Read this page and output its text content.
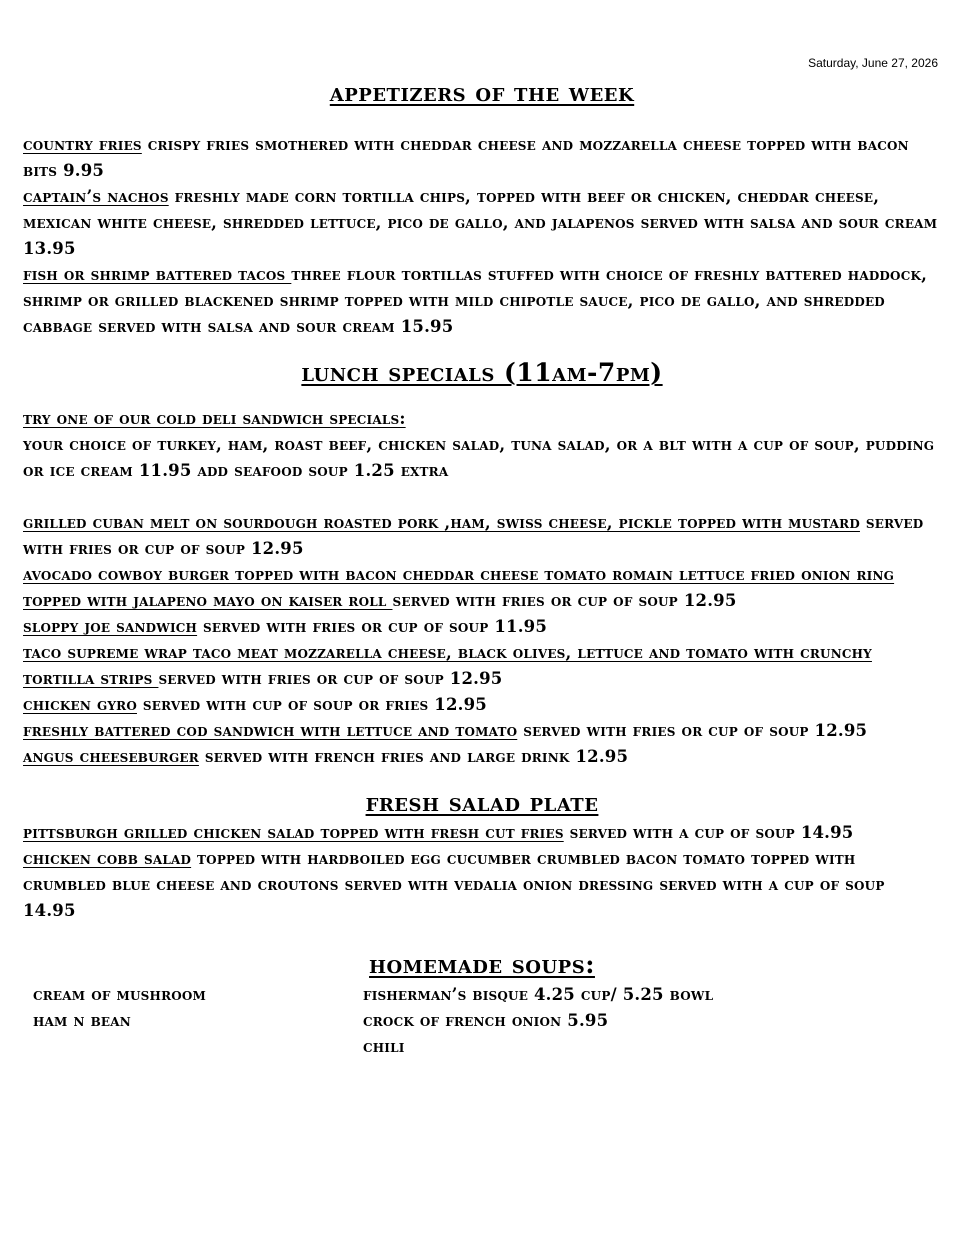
Saturday, June 27, 2026
appetizers of the week

country fries crispy fries smothered with cheddar cheese and mozzarella cheese topped with bacon bits 9.95

captain’s nachos freshly made corn tortilla chips, topped with beef or chicken, cheddar cheese, mexican white cheese, shredded lettuce, pico de gallo, and jalapenos served with salsa and sour cream 13.95

fish or shrimp battered tacos three flour tortillas stuffed with choice of freshly battered haddock, shrimp or grilled blackened shrimp topped with mild chipotle sauce, pico de gallo, and shredded cabbage served with salsa and sour cream 15.95

lunch specials (11am-7pm)

try one of our cold deli sandwich specials:

your choice of turkey, ham, roast beef, chicken salad, tuna salad, or a blt with a cup of soup, pudding or ice cream 11.95 add seafood soup 1.25 extra

grilled cuban melt on sourdough roasted pork ,ham, swiss cheese, pickle topped with mustard served with fries or cup of soup 12.95

avocado cowboy burger topped with bacon cheddar cheese tomato romain lettuce fried onion ring topped with jalapeno mayo on kaiser roll served with fries or cup of soup 12.95

sloppy joe sandwich served with fries or cup of soup 11.95

taco supreme wrap taco meat mozzarella cheese, black olives, lettuce and tomato with crunchy tortilla strips served with fries or cup of soup 12.95

chicken gyro served with cup of soup or fries 12.95

freshly battered cod sandwich with lettuce and tomato served with fries or cup of soup 12.95

angus cheeseburger served with french fries and large drink 12.95

fresh salad plate

pittsburgh grilled chicken salad topped with fresh cut fries served with a cup of soup 14.95

chicken cobb salad topped with hardboiled egg cucumber crumbled bacon tomato topped with crumbled blue cheese and croutons served with vedalia onion dressing served with a cup of soup 14.95

homemade soups:
cream of mushroom
ham n bean
fisherman’s bisque 4.25 cup/ 5.25 bowl
crock of french onion 5.95
chili
